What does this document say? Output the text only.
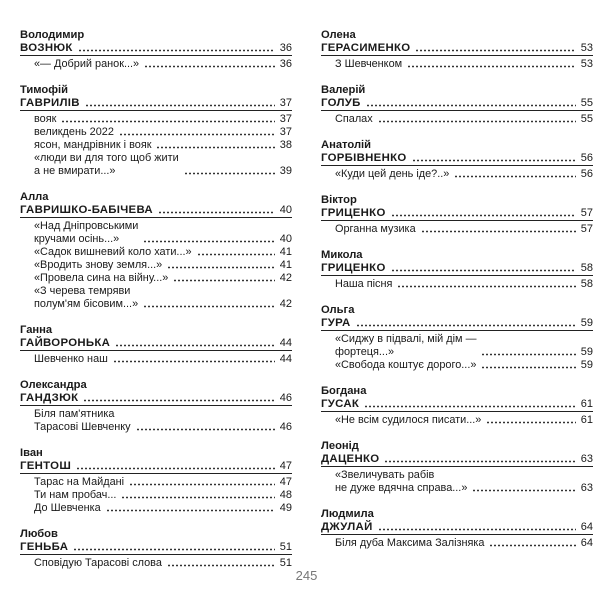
Володимир
ВОЗНЮК	36
«— Добрий ранок...»	36
Тимофій
ГАВРИЛІВ	37
вояк	37
великдень 2022	37
ясон, мандрівник і вояк	38
«люди ви для того щоб жити
а не вмирати...»	39
Алла
ГАВРИШКО-БАБІЧЕВА	40
«Над Дніпровськими
кручами осінь...»	40
«Садок вишневий коло хати...»	41
«Вродить знову земля...»	41
«Провела сина на війну...»	42
«З черева темряви
полум'ям бісовим...»	42
Ганна
ГАЙВОРОНЬКА	44
Шевченко наш	44
Олександра
ГАНДЗЮК	46
Біля пам'ятника
Тарасові Шевченку	46
Іван
ГЕНТОШ	47
Тарас на Майдані	47
Ти нам пробач...	48
До Шевченка	49
Любов
ГЕНЬБА	51
Сповідую Тарасові слова	51
Олена
ГЕРАСИМЕНКО	53
З Шевченком	53
Валерій
ГОЛУБ	55
Спалах	55
Анатолій
ГОРБІВНЕНКО	56
«Куди цей день іде?..»	56
Віктор
ГРИЦЕНКО	57
Органна музика	57
Микола
ГРИЦЕНКО	58
Наша пісня	58
Ольга
ГУРА	59
«Сиджу в підвалі, мій дім —
фортеця...»	59
«Свобода коштує дорого...»	59
Богдана
ГУСАК	61
«Не всім судилося писати...»	61
Леонід
ДАЦЕНКО	63
«Звеличувать рабів
не дуже вдячна справа...»	63
Людмила
ДЖУЛАЙ	64
Біля дуба Максима Залізняка	64
245
